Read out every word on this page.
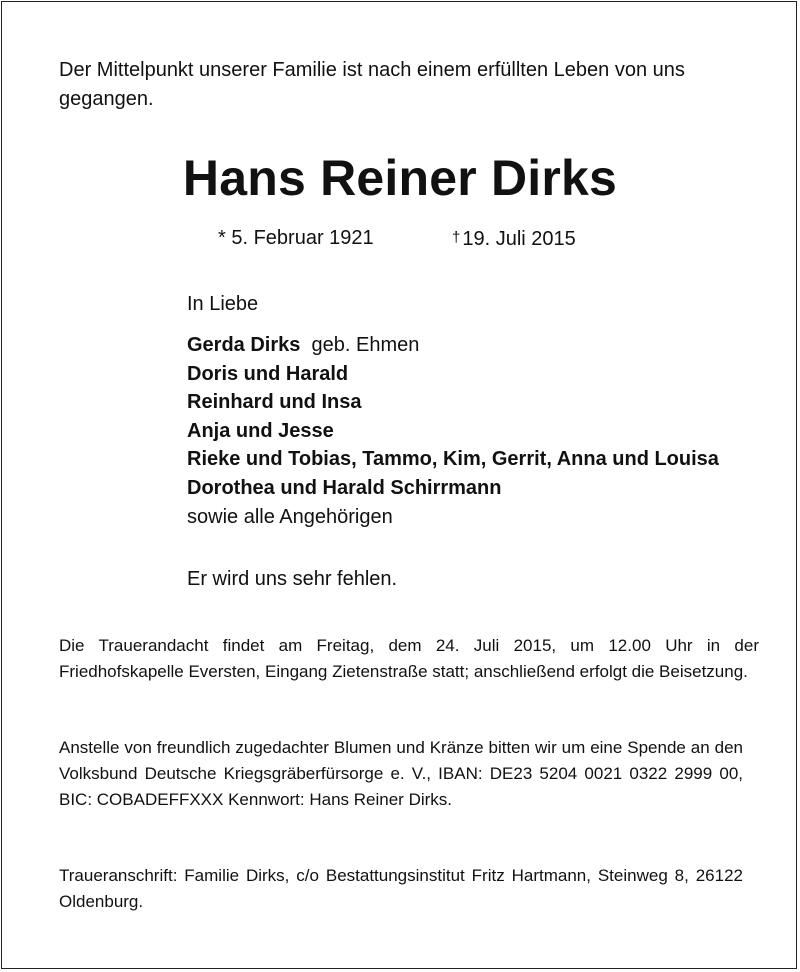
Der Mittelpunkt unserer Familie ist nach einem erfüllten Leben von uns gegangen.
Hans Reiner Dirks
* 5. Februar 1921	† 19. Juli 2015
In Liebe
Gerda Dirks geb. Ehmen
Doris und Harald
Reinhard und Insa
Anja und Jesse
Rieke und Tobias, Tammo, Kim, Gerrit, Anna und Louisa
Dorothea und Harald Schirrmann
sowie alle Angehörigen
Er wird uns sehr fehlen.
Die Trauerandacht findet am Freitag, dem 24. Juli 2015, um 12.00 Uhr in der Friedhofskapelle Eversten, Eingang Zietenstraße statt; anschließend erfolgt die Beisetzung.
Anstelle von freundlich zugedachter Blumen und Kränze bitten wir um eine Spende an den Volksbund Deutsche Kriegsgräberfürsorge e. V., IBAN: DE23 5204 0021 0322 2999 00, BIC: COBADEFFXXX Kennwort: Hans Reiner Dirks.
Traueranschrift: Familie Dirks, c/o Bestattungsinstitut Fritz Hartmann, Steinweg 8, 26122 Oldenburg.
